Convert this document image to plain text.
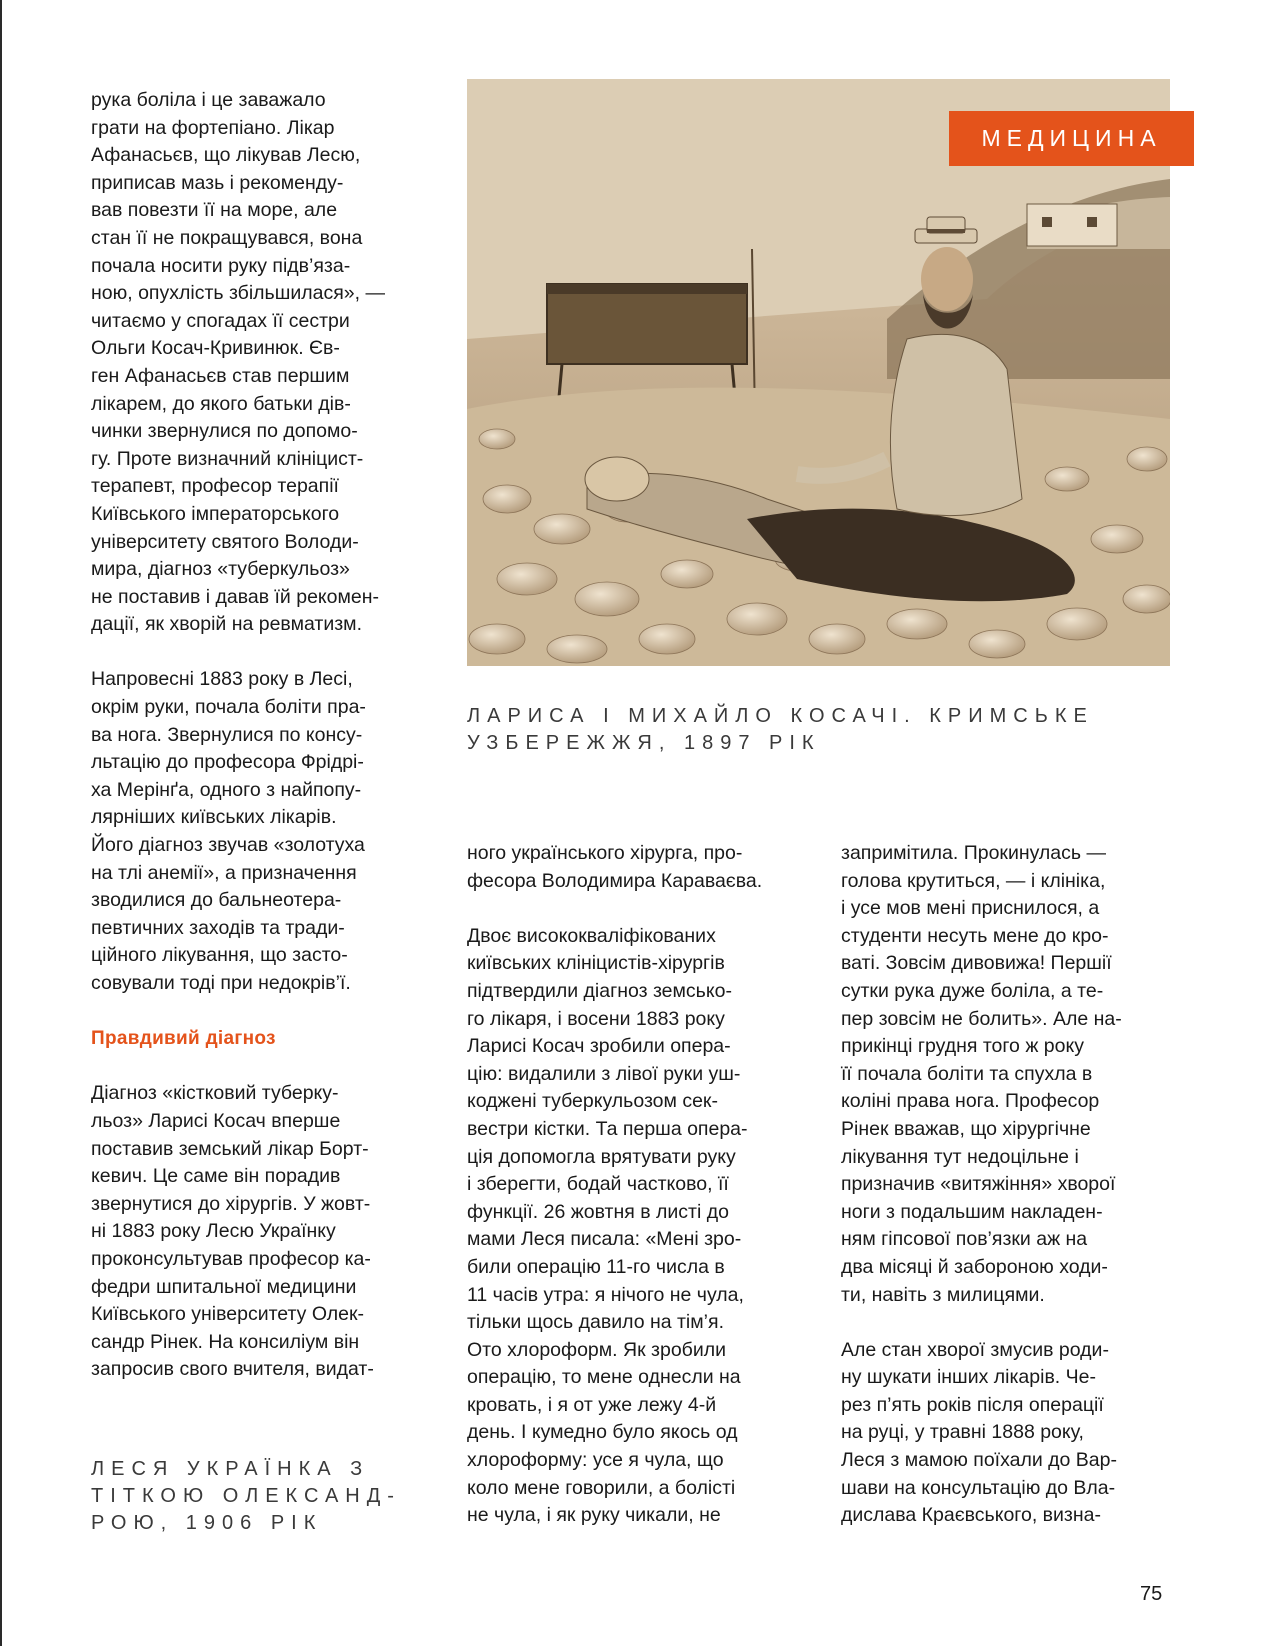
рука боліла і це заважало
грати на фортепіано. Лікар
Афанасьєв, що лікував Лесю,
приписав мазь і рекоменду-
вав повезти її на море, але
стан її не покращувався, вона
почала носити руку підв’яза-
ною, опухлість збільшилася», —
читаємо у спогадах її сестри
Ольги Косач-Кривинюк. Єв-
ген Афанасьєв став першим
лікарем, до якого батьки дів-
чинки звернулися по допомо-
гу. Проте визначний клініцист-
терапевт, професор терапії
Київського імператорського
університету святого Володи-
мира, діагноз «туберкульоз»
не поставив і давав їй рекомен-
дації, як хворій на ревматизм.
Напровесні 1883 року в Лесі,
окрім руки, почала боліти пра-
ва нога. Звернулися по консу-
льтацію до професора Фрідрі-
ха Мерінґа, одного з найпопу-
лярніших київських лікарів.
Його діагноз звучав «золотуха
на тлі анемії», а призначення
зводилися до бальнеотера-
певтичних заходів та тради-
ційного лікування, що засто-
совували тоді при недокрів’ї.
Правдивий діагноз
Діагноз «кістковий туберку-
льоз» Ларисі Косач вперше
поставив земський лікар Борт-
кевич. Це саме він порадив
звернутися до хірургів. У жовт-
ні 1883 року Лесю Українку
проконсультував професор ка-
федри шпитальної медицини
Київського університету Олек-
сандр Рінек. На консиліум він
запросив свого вчителя, видат-
МЕДИЦИНА
ЛАРИСА І МИХАЙЛО КОСАЧІ. КРИМСЬКЕ УЗБЕРЕЖЖЯ, 1897 РІК
ного українського хірурга, про-
фесора Володимира Караваєва.
Двоє висококваліфікованих
київських клініцистів-хірургів
підтвердили діагноз земсько-
го лікаря, і восени 1883 року
Ларисі Косач зробили опера-
цію: видалили з лівої руки уш-
коджені туберкульозом сек-
вестри кістки. Та перша опера-
ція допомогла врятувати руку
і зберегти, бодай частково, її
функції. 26 жовтня в листі до
мами Леся писала: «Мені зро-
били операцію 11-го числа в
11 часів утра: я нічого не чула,
тільки щось давило на тім’я.
Ото хлороформ. Як зробили
операцію, то мене однесли на
кровать, і я от уже лежу 4-й
день. І кумедно було якось од
хлороформу: усе я чула, що
коло мене говорили, а болісті
не чула, і як руку чикали, не
запримітила. Прокинулась —
голова крутиться, — і клініка,
і усе мов мені приснилося, а
студенти несуть мене до кро-
ваті. Зовсім дивовижа! Першії
сутки рука дуже боліла, а те-
пер зовсім не болить». Але на-
прикінці грудня того ж року
її почала боліти та спухла в
коліні права нога. Професор
Рінек вважав, що хірургічне
лікування тут недоцільне і
призначив «витяжіння» хворої
ноги з подальшим накладен-
ням гіпсової пов’язки аж на
два місяці й забороною ходи-
ти, навіть з милицями.
Але стан хворої змусив роди-
ну шукати інших лікарів. Че-
рез п’ять років після операції
на руці, у травні 1888 року,
Леся з мамою поїхали до Вар-
шави на консультацію до Вла-
дислава Краєвського, визна-
ЛЕСЯ УКРАЇНКА З
ТІТКОЮ ОЛЕКСАНД-
РОЮ, 1906 РІК
75
